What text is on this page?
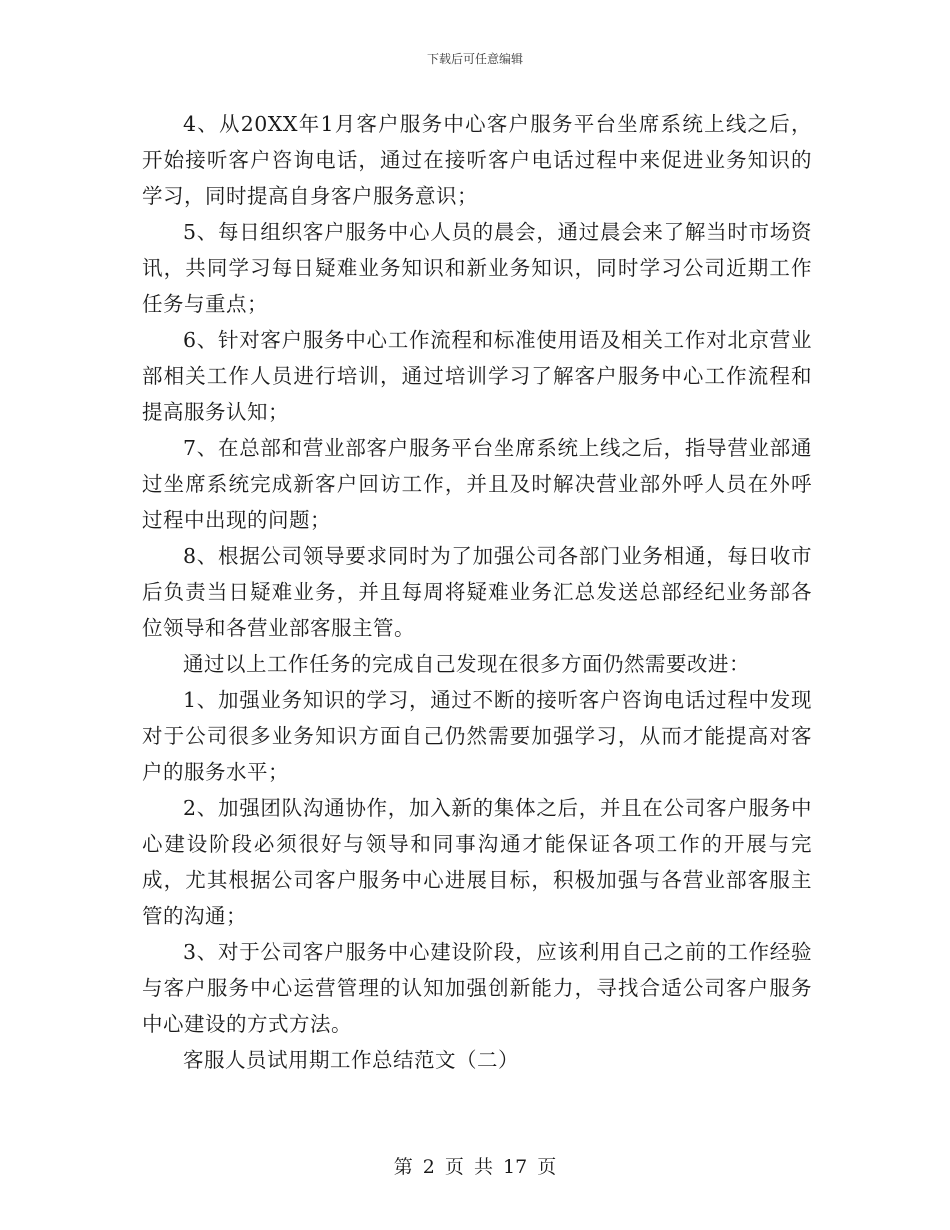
下载后可任意编辑

4、从20XX年1月客户服务中心客户服务平台坐席系统上线之后，开始接听客户咨询电话，通过在接听客户电话过程中来促进业务知识的学习，同时提高自身客户服务意识；

5、每日组织客户服务中心人员的晨会，通过晨会来了解当时市场资讯，共同学习每日疑难业务知识和新业务知识，同时学习公司近期工作任务与重点；

6、针对客户服务中心工作流程和标准使用语及相关工作对北京营业部相关工作人员进行培训，通过培训学习了解客户服务中心工作流程和提高服务认知；

7、在总部和营业部客户服务平台坐席系统上线之后，指导营业部通过坐席系统完成新客户回访工作，并且及时解决营业部外呼人员在外呼过程中出现的问题；

8、根据公司领导要求同时为了加强公司各部门业务相通，每日收市后负责当日疑难业务，并且每周将疑难业务汇总发送总部经纪业务部各位领导和各营业部客服主管。

通过以上工作任务的完成自己发现在很多方面仍然需要改进：

1、加强业务知识的学习，通过不断的接听客户咨询电话过程中发现对于公司很多业务知识方面自己仍然需要加强学习，从而才能提高对客户的服务水平；

2、加强团队沟通协作，加入新的集体之后，并且在公司客户服务中心建设阶段必须很好与领导和同事沟通才能保证各项工作的开展与完成，尤其根据公司客户服务中心进展目标，积极加强与各营业部客服主管的沟通；

3、对于公司客户服务中心建设阶段，应该利用自己之前的工作经验与客户服务中心运营管理的认知加强创新能力，寻找合适公司客户服务中心建设的方式方法。

客服人员试用期工作总结范文（二）

第 2 页 共 17 页
